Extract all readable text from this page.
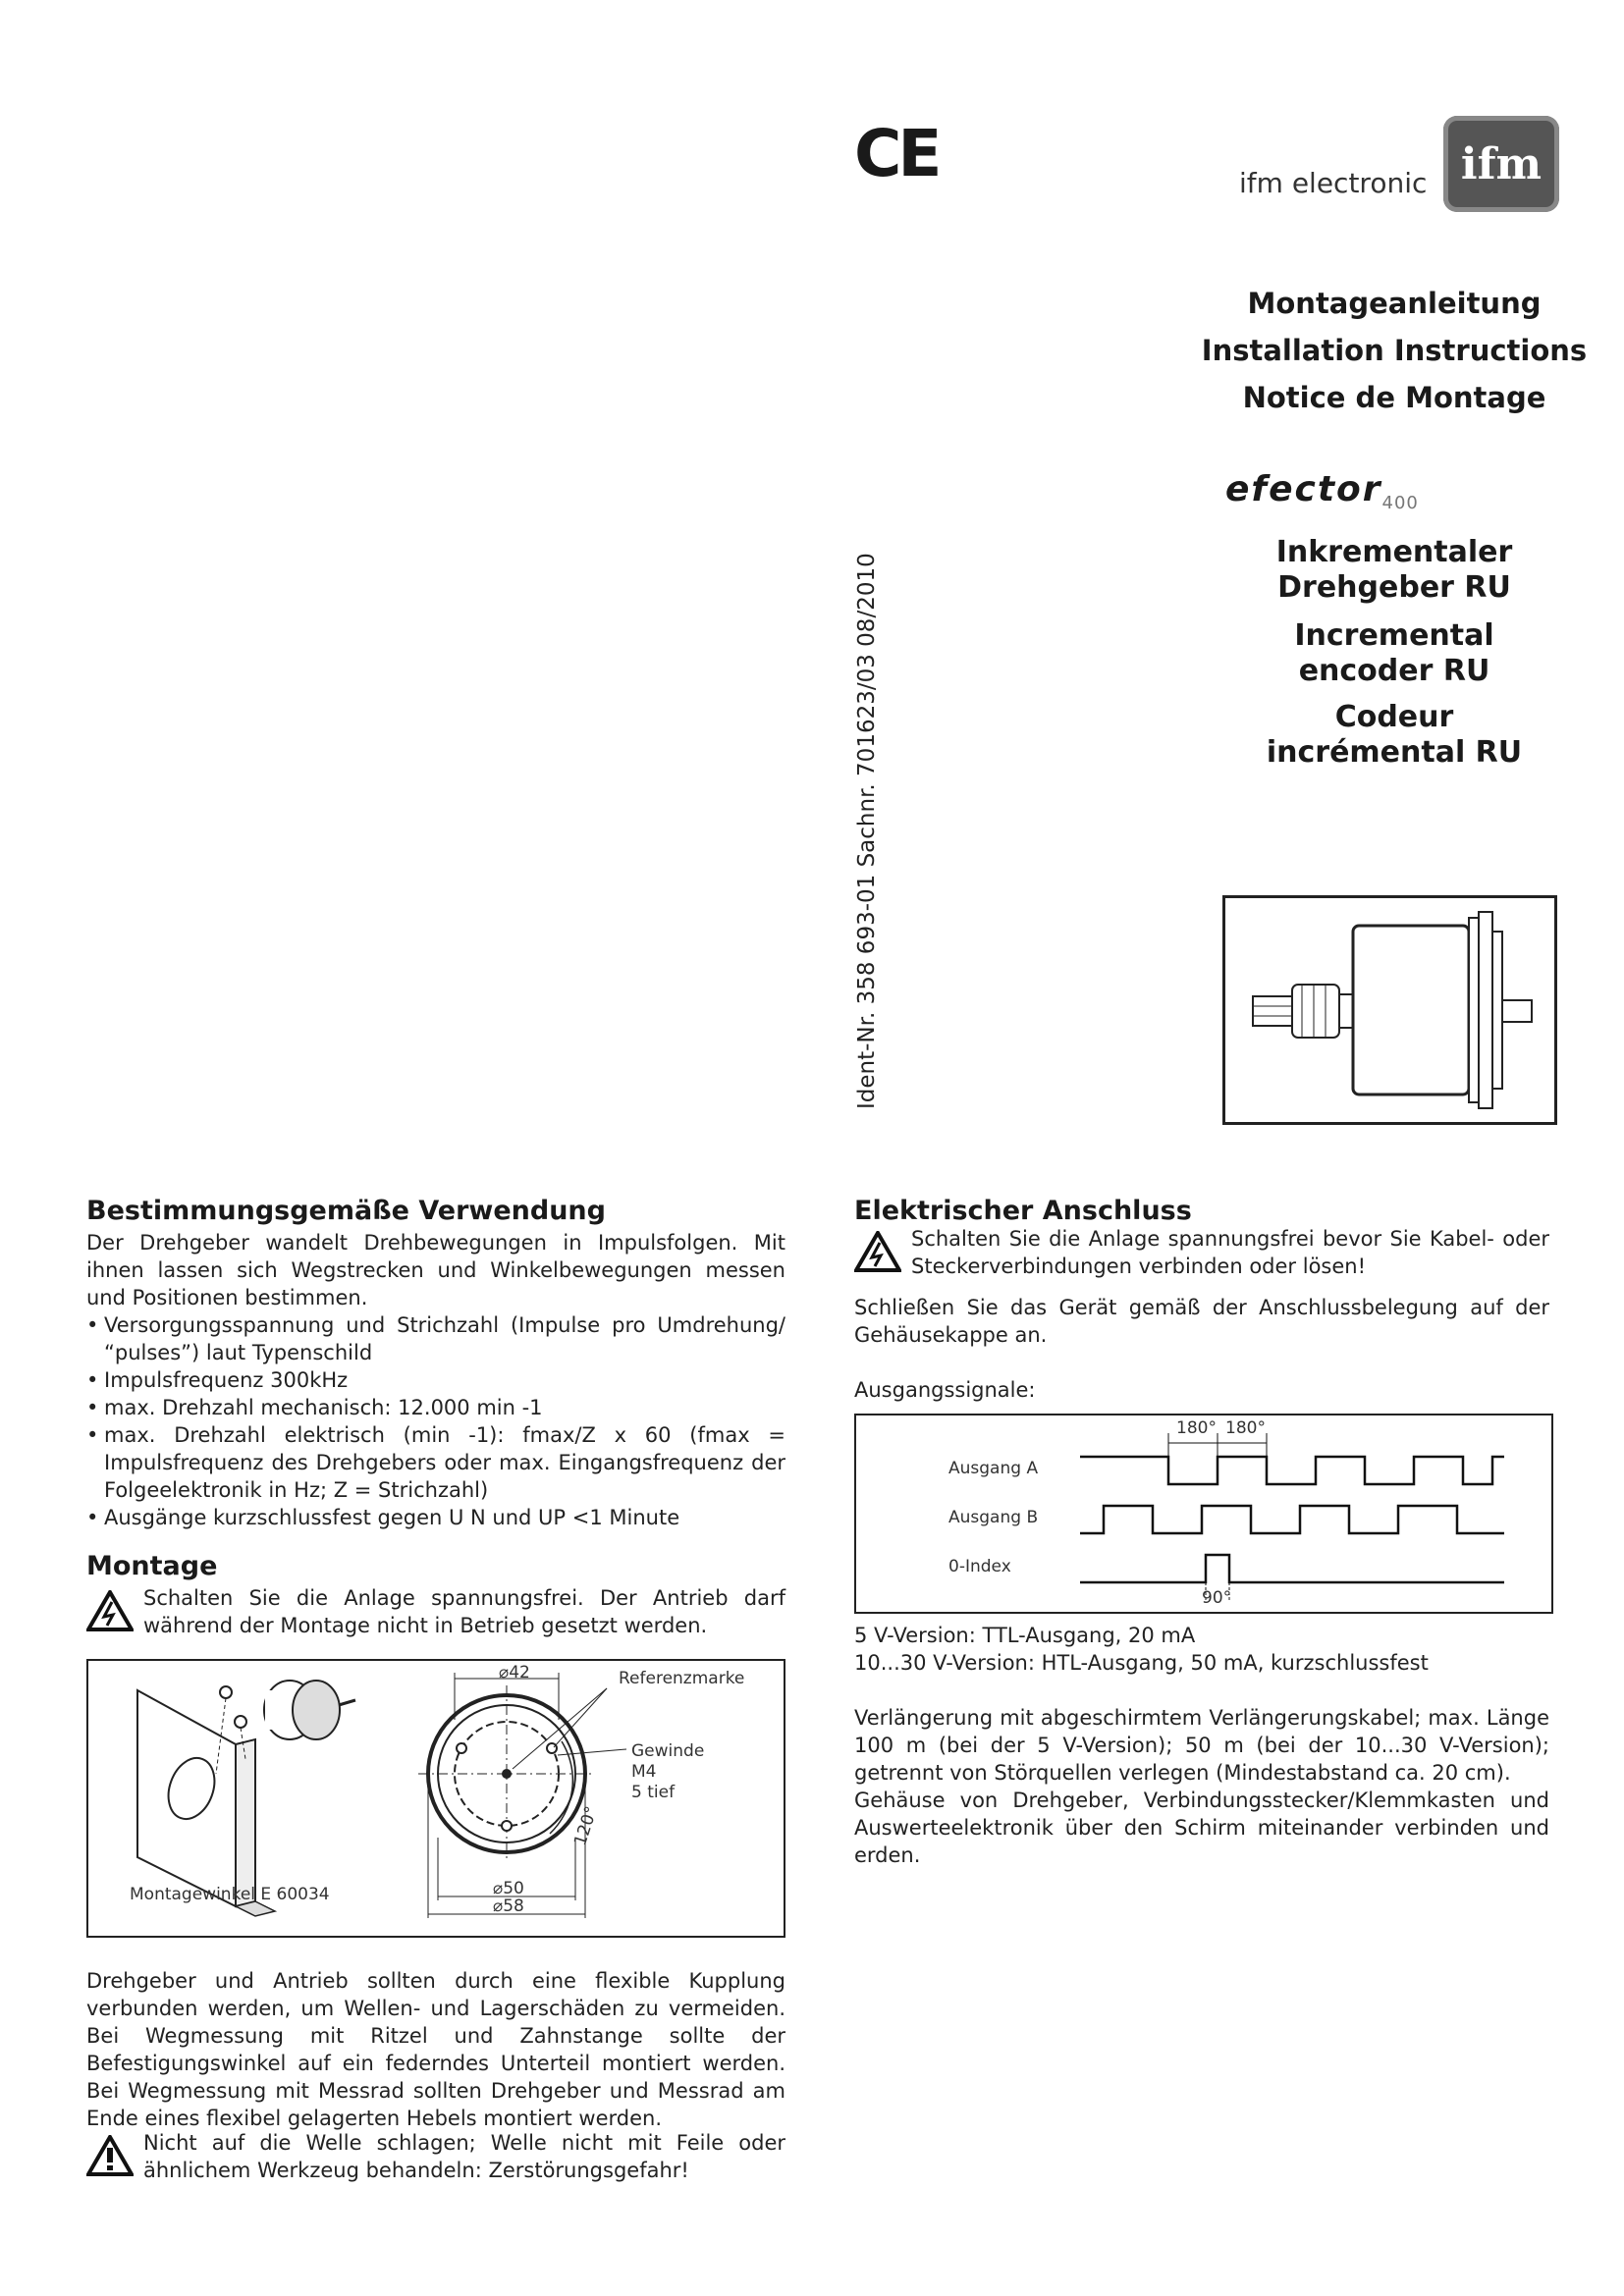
CE	ifm electronic ifm
Montageanleitung
Installation Instructions
Notice de Montage
efector$_{400}$
Inkrementaler
Drehgeber RU
Incremental
encoder RU
Codeur
incrémental RU
Ident-Nr. 358 693-01 Sachnr. 701623/03 08/2010
Bestimmungsgemäße Verwendung

Der Drehgeber wandelt Drehbewegungen in Impulsfolgen. Mit ihnen lassen sich Wegstrecken und Winkelbewegungen messen und Positionen bestimmen.

• Versorgungsspannung und Strichzahl (Impulse pro Umdrehung/ “pulses”) laut Typenschild
• Impulsfrequenz 300kHz
• max. Drehzahl mechanisch: 12.000 min -1
• max. Drehzahl elektrisch (min -1): fmax/Z x 60 (fmax = Impulsfrequenz des Drehgebers oder max. Eingangsfrequenz der Folgeelektronik in Hz; Z = Strichzahl)
• Ausgänge kurzschlussfest gegen U N und UP <1 Minute
Montage
Schalten Sie die Anlage spannungsfrei. Der Antrieb darf während der Montage nicht in Betrieb gesetzt werden.
Referenzmarke
⌀42
Gewinde
M4
5 tief
120°
⌀50
⌀58
Montagewinkel E 60034
Drehgeber und Antrieb sollten durch eine flexible Kupplung verbunden werden, um Wellen- und Lagerschäden zu vermeiden. Bei Wegmessung mit Ritzel und Zahnstange sollte der Befestigungswinkel auf ein federndes Unterteil montiert werden. Bei Wegmessung mit Messrad sollten Drehgeber und Messrad am Ende eines flexibel gelagerten Hebels montiert werden.
Nicht auf die Welle schlagen; Welle nicht mit Feile oder ähnlichem Werkzeug behandeln: Zerstörungsgefahr!
Elektrischer Anschluss
Schalten Sie die Anlage spannungsfrei bevor Sie Kabel- oder Steckerverbindungen verbinden oder lösen!
Schließen Sie das Gerät gemäß der Anschlussbelegung auf der Gehäusekappe an.
Ausgangssignale:
180° 180°
Ausgang A
Ausgang B
0-Index
90°
5 V-Version: TTL-Ausgang, 20 mA
10...30 V-Version: HTL-Ausgang, 50 mA, kurzschlussfest
Verlängerung mit abgeschirmtem Verlängerungskabel; max. Länge 100 m (bei der 5 V-Version); 50 m (bei der 10...30 V-Version); getrennt von Störquellen verlegen (Mindestabstand ca. 20 cm).
Gehäuse von Drehgeber, Verbindungsstecker/Klemmkasten und Auswerteelektronik über den Schirm miteinander verbinden und erden.
